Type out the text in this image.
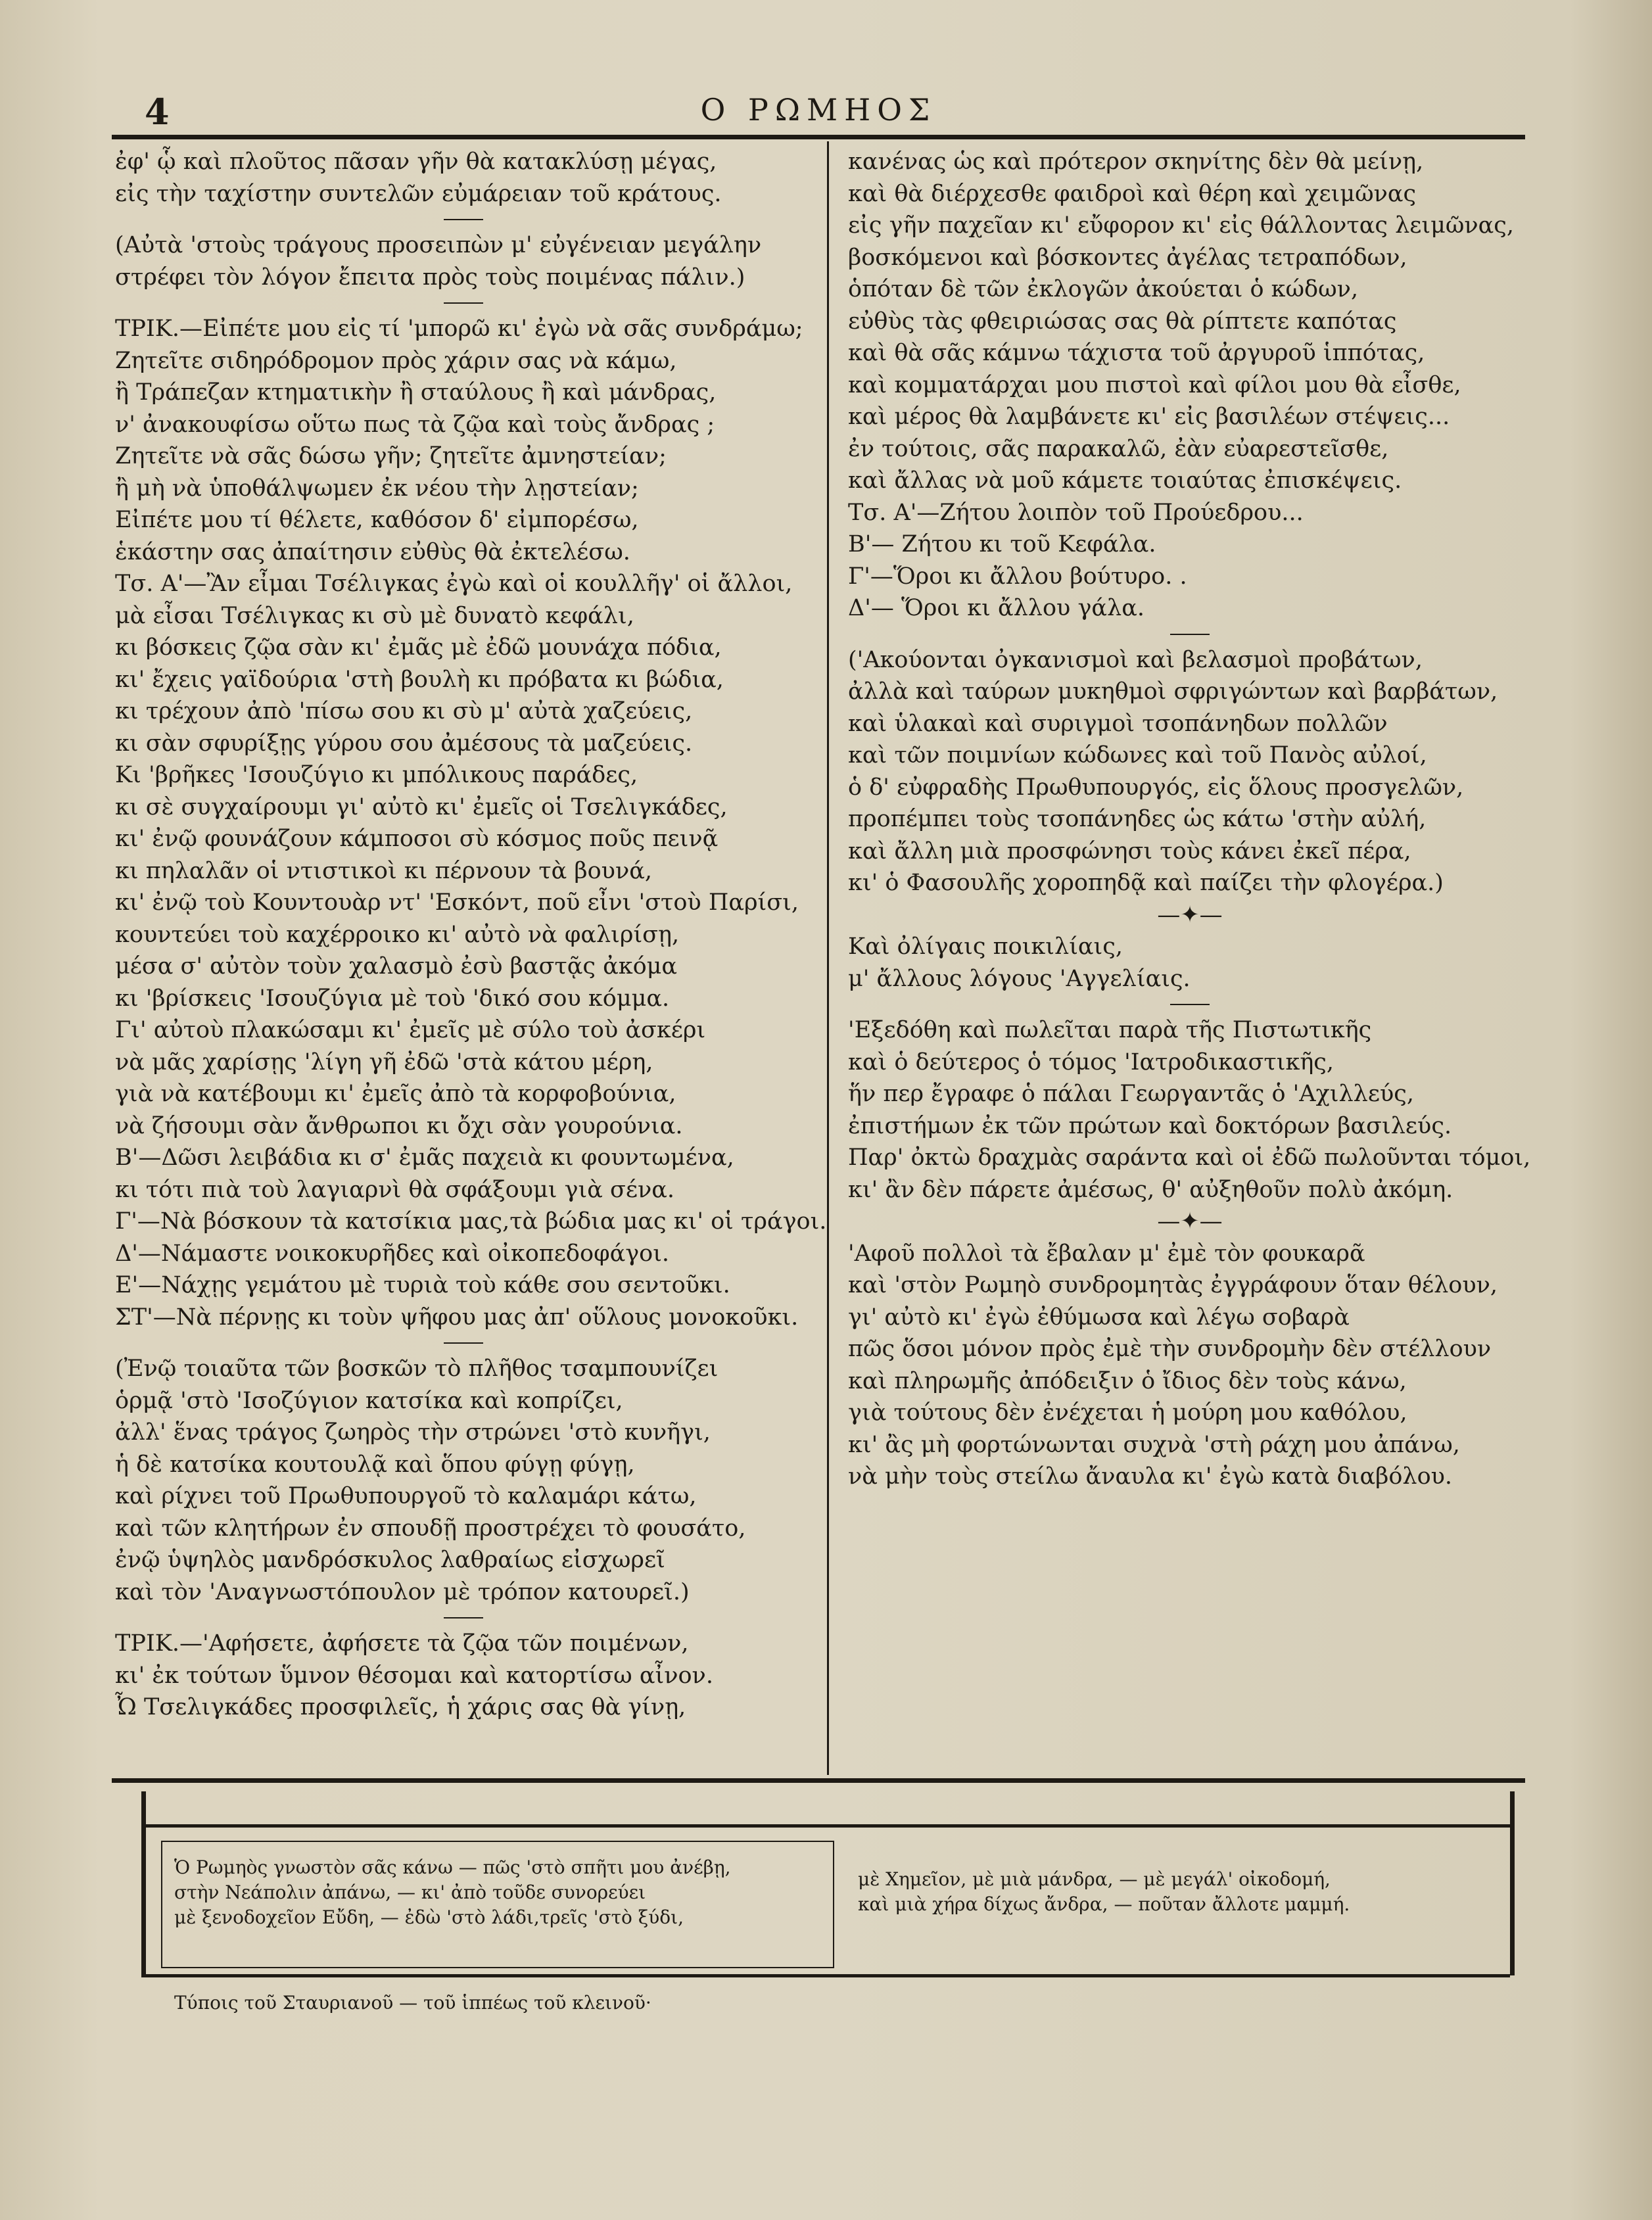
4	Ο ΡΩΜΗΟΣ
ἐφ' ᾧ καὶ πλοῦτος πᾶσαν γῆν θὰ κατακλύσῃ μέγας,
εἰς τὴν ταχίστην συντελῶν εὐμάρειαν τοῦ κράτους.
(Αὐτὰ 'στοὺς τράγους προσειπὼν μ' εὐγένειαν μεγάλην
στρέφει τὸν λόγον ἔπειτα πρὸς τοὺς ποιμένας πάλιν.)
ΤΡΙΚ.—Εἰπέτε μου εἰς τί 'μπορῶ κι' ἐγὼ νὰ σᾶς συνδράμω;
Ζητεῖτε σιδηρόδρομον πρὸς χάριν σας νὰ κάμω,
ἢ Τράπεζαν κτηματικὴν ἢ σταύλους ἢ καὶ μάνδρας,
ν' ἀνακουφίσω οὕτω πως τὰ ζῷα καὶ τοὺς ἄνδρας ;
Ζητεῖτε νὰ σᾶς δώσω γῆν; ζητεῖτε ἀμνηστείαν;
ἢ μὴ νὰ ὑποθάλψωμεν ἐκ νέου τὴν λῃστείαν;
Εἰπέτε μου τί θέλετε, καθόσον δ' εἰμπορέσω,
ἑκάστην σας ἀπαίτησιν εὐθὺς θὰ ἐκτελέσω.
Τσ. Α'—Ἂν εἶμαι Τσέλιγκας ἐγὼ καὶ οἱ κουλλῆγ' οἱ ἄλλοι,
μὰ εἶσαι Τσέλιγκας κι σὺ μὲ δυνατὸ κεφάλι,
κι βόσκεις ζῷα σὰν κι' ἐμᾶς μὲ ἐδῶ μουνάχα πόδια,
κι' ἔχεις γαϊδούρια 'στὴ βουλὴ κι πρόβατα κι βώδια,
κι τρέχουν ἀπὸ 'πίσω σου κι σὺ μ' αὐτὰ χαζεύεις,
κι σὰν σφυρίξῃς γύρου σου ἀμέσους τὰ μαζεύεις.
Κι 'βρῆκες 'Ισουζύγιο κι μπόλικους παράδες,
κι σὲ συγχαίρουμι γι' αὐτὸ κι' ἐμεῖς οἱ Τσελιγκάδες,
κι' ἐνῷ φουνάζουν κάμποσοι σὺ κόσμος ποῦς πεινᾷ
κι πηλαλᾶν οἱ ντιστικοὶ κι πέρνουν τὰ βουνά,
κι' ἐνῷ τοὺ Κουντουὰρ ντ' 'Εσκόντ, ποῦ εἶνι 'στοὺ Παρίσι,
κουντεύει τοὺ καχέρροικο κι' αὐτὸ νὰ φαλιρίσῃ,
μέσα σ' αὐτὸν τοὺν χαλασμὸ ἐσὺ βαστᾷς ἀκόμα
κι 'βρίσκεις 'Ισουζύγια μὲ τοὺ 'δικό σου κόμμα.
Γι' αὐτοὺ πλακώσαμι κι' ἐμεῖς μὲ σύλο τοὺ ἀσκέρι
νὰ μᾶς χαρίσῃς 'λίγη γῆ ἐδῶ 'στὰ κάτου μέρη,
γιὰ νὰ κατέβουμι κι' ἐμεῖς ἀπὸ τὰ κορφοβούνια,
νὰ ζήσουμι σὰν ἄνθρωποι κι ὄχι σὰν γουρούνια.
Β'—Δῶσι λειβάδια κι σ' ἐμᾶς παχειὰ κι φουντωμένα,
κι τότι πιὰ τοὺ λαγιαρνὶ θὰ σφάξουμι γιὰ σένα.
Γ'—Νὰ βόσκουν τὰ κατσίκια μας,τὰ βώδια μας κι' οἱ τράγοι.
Δ'—Νάμαστε νοικοκυρῆδες καὶ οἰκοπεδοφάγοι.
Ε'—Νάχῃς γεμάτου μὲ τυριὰ τοὺ κάθε σου σεντοῦκι.
ΣΤ'—Νὰ πέρνῃς κι τοὺν ψῆφου μας ἀπ' οὕλους μονοκοῦκι.
(Ἐνῷ τοιαῦτα τῶν βοσκῶν τὸ πλῆθος τσαμπουνίζει
ὁρμᾷ 'στὸ 'Ισοζύγιον κατσίκα καὶ κοπρίζει,
ἀλλ' ἕνας τράγος ζωηρὸς τὴν στρώνει 'στὸ κυνῆγι,
ἡ δὲ κατσίκα κουτουλᾷ καὶ ὅπου φύγῃ φύγῃ,
καὶ ρίχνει τοῦ Πρωθυπουργοῦ τὸ καλαμάρι κάτω,
καὶ τῶν κλητήρων ἐν σπουδῇ προστρέχει τὸ φουσάτο,
ἐνῷ ὑψηλὸς μανδρόσκυλος λαθραίως εἰσχωρεῖ
καὶ τὸν 'Αναγνωστόπουλον μὲ τρόπον κατουρεῖ.)
ΤΡΙΚ.—'Αφήσετε, ἀφήσετε τὰ ζῷα τῶν ποιμένων,
κι' ἐκ τούτων ὕμνον θέσομαι καὶ κατορτίσω αἶνον.
Ὦ Τσελιγκάδες προσφιλεῖς, ἡ χάρις σας θὰ γίνῃ,
κανένας ὡς καὶ πρότερον σκηνίτης δὲν θὰ μείνῃ,
καὶ θὰ διέρχεσθε φαιδροὶ καὶ θέρη καὶ χειμῶνας
εἰς γῆν παχεῖαν κι' εὔφορον κι' εἰς θάλλοντας λειμῶνας,
βοσκόμενοι καὶ βόσκοντες ἀγέλας τετραπόδων,
ὁπόταν δὲ τῶν ἐκλογῶν ἀκούεται ὁ κώδων,
εὐθὺς τὰς φθειριώσας σας θὰ ρίπτετε καπότας
καὶ θὰ σᾶς κάμνω τάχιστα τοῦ ἀργυροῦ ἱππότας,
καὶ κομματάρχαι μου πιστοὶ καὶ φίλοι μου θὰ εἶσθε,
καὶ μέρος θὰ λαμβάνετε κι' εἰς βασιλέων στέψεις...
ἐν τούτοις, σᾶς παρακαλῶ, ἐὰν εὐαρεστεῖσθε,
καὶ ἄλλας νὰ μοῦ κάμετε τοιαύτας ἐπισκέψεις.
Τσ. Α'—Ζήτου λοιπὸν τοῦ Προύεδρου...
Β'— Ζήτου κι τοῦ Κεφάλα.
Γ'—Ὅροι κι ἄλλου βούτυρο. .
Δ'— Ὅροι κι ἄλλου γάλα.
('Ακούονται ὀγκανισμοὶ καὶ βελασμοὶ προβάτων,
ἀλλὰ καὶ ταύρων μυκηθμοὶ σφριγώντων καὶ βαρβάτων,
καὶ ὑλακαὶ καὶ συριγμοὶ τσοπάνηδων πολλῶν
καὶ τῶν ποιμνίων κώδωνες καὶ τοῦ Πανὸς αὐλοί,
ὁ δ' εὐφραδὴς Πρωθυπουργός, εἰς ὅλους προσγελῶν,
προπέμπει τοὺς τσοπάνηδες ὡς κάτω 'στὴν αὐλή,
καὶ ἄλλη μιὰ προσφώνησι τοὺς κάνει ἐκεῖ πέρα,
κι' ὁ Φασουλῆς χορoπηδᾷ καὶ παίζει τὴν φλογέρα.)
—✦—
Καὶ ὀλίγαις ποικιλίαις,
μ' ἄλλους λόγους 'Αγγελίαις.
'Εξεδόθη καὶ πωλεῖται παρὰ τῆς Πιστωτικῆς
καὶ ὁ δεύτερος ὁ τόμος 'Ιατροδικαστικῆς,
ἥν περ ἔγραφε ὁ πάλαι Γεωργαντᾶς ὁ 'Αχιλλεύς,
ἐπιστήμων ἐκ τῶν πρώτων καὶ δοκτόρων βασιλεύς.
Παρ' ὀκτὼ δραχμὰς σαράντα καὶ οἱ ἐδῶ πωλοῦνται τόμοι,
κι' ἂν δὲν πάρετε ἀμέσως, θ' αὐξηθοῦν πολὺ ἀκόμη.
—✦—
'Αφοῦ πολλοὶ τὰ ἔβαλαν μ' ἐμὲ τὸν φουκαρᾶ
καὶ 'στὸν Ρωμηὸ συνδρομητὰς ἐγγράφουν ὅταν θέλουν,
γι' αὐτὸ κι' ἐγὼ ἐθύμωσα καὶ λέγω σοβαρὰ
πῶς ὅσοι μόνον πρὸς ἐμὲ τὴν συνδρομὴν δὲν στέλλουν
καὶ πληρωμῆς ἀπόδειξιν ὁ ἴδιος δὲν τοὺς κάνω,
γιὰ τούτους δὲν ἐνέχεται ἡ μούρη μου καθόλου,
κι' ἂς μὴ φορτώνωνται συχνὰ 'στὴ ράχη μου ἀπάνω,
νὰ μὴν τοὺς στείλω ἄναυλα κι' ἐγὼ κατὰ διαβόλου.
Ὁ Ρωμηὸς γνωστὸν σᾶς κάνω — πῶς 'στὸ σπῆτι μου ἀνέβῃ,
στὴν Νεάπολιν ἀπάνω, — κι' ἀπὸ τοῦδε συνορεύει
μὲ ξενοδοχεῖον Εὔδη, — ἐδὼ 'στὸ λάδι,τρεῖς 'στὸ ξύδι,
μὲ Χημεῖον, μὲ μιὰ μάνδρα, — μὲ μεγάλ' οἰκοδομή,
καὶ μιὰ χήρα δίχως ἄνδρα, — ποῦταν ἄλλοτε μαμμή.
Τύποις τοῦ Σταυριανοῦ — τοῦ ἱππέως τοῦ κλεινοῦ·
